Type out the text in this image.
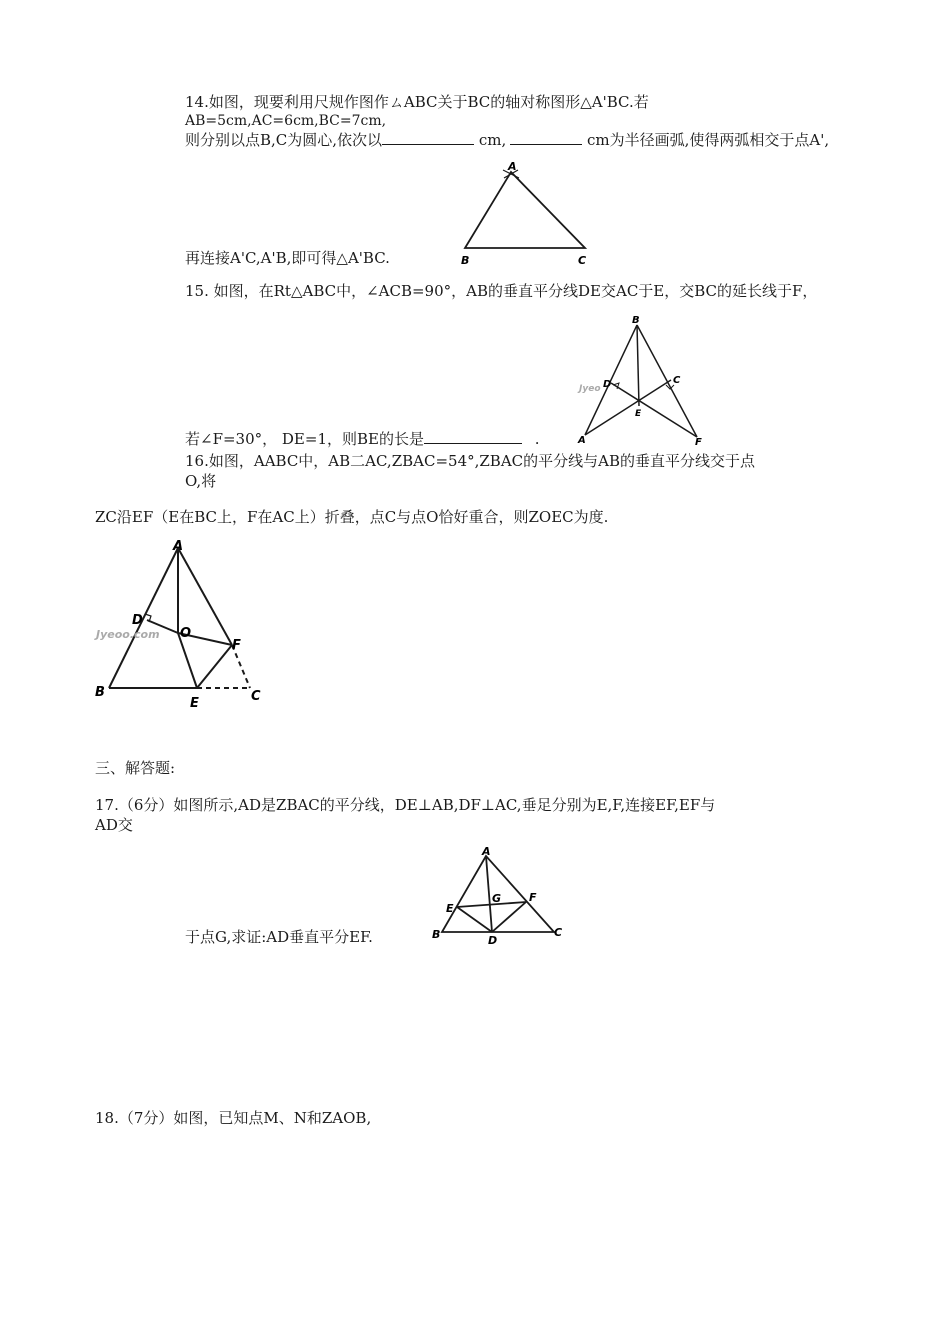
14.如图，现要利用尺规作图作ㄙABC关于BC的轴对称图形△A'BC.若
AB=5cm,AC=6cm,BC=7cm,
则分别以点B,C为圆心,依次以	cm,	cm为半径画弧,使得两弧相交于点A',
再连接A'C,A'B,即可得△A'BC.
A
B	C
15. 如图，在Rt△ABC中，∠ACB=90°，AB的垂直平分线DE交AC于E，交BC的延长线于F，
若∠F=30°， DE=1，则BE的长是	.
Jyeo
B
D	C
E
A	F
16.如图，AABC中，AB二AC,ZBAC=54°,ZBAC的平分线与AB的垂直平分线交于点
O,将
ZC沿EF（E在BC上，F在AC上）折叠，点C与点O恰好重合，则ZOEC为度.
Jyeoo.com
A
D
O
F
B
E	C
三、解答题:
17.（6分）如图所示,AD是ZBAC的平分线，DE⊥AB,DF⊥AC,垂足分别为E,F,连接EF,EF与
AD交
于点G,求证:AD垂直平分EF.
A
E
G	F
B	D
C
18.（7分）如图，已知点M、N和ZAOB,
